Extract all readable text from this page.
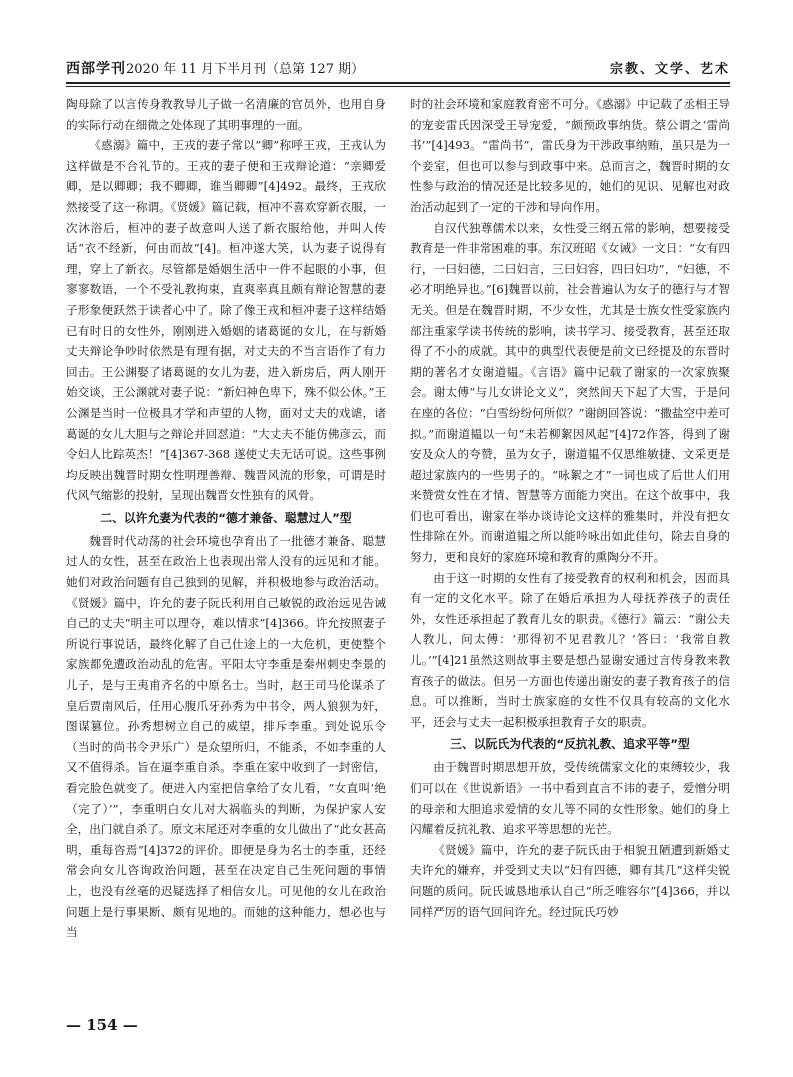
西部学刊2020 年 11 月下半月刊（总第 127 期）	宗教、文学、艺术

陶母除了以言传身教教导儿子做一名清廉的官员外，也用自身的实际行动在细微之处体现了其明事理的一面。

《惑溺》篇中，王戎的妻子常以“卿”称呼王戎，王戎认为这样做是不合礼节的。王戎的妻子便和王戎辩论道：“亲卿爱卿，是以卿卿；我不卿卿，谁当卿卿”[4]492。最终，王戎欣然接受了这一称谓。《贤媛》篇记载，桓冲不喜欢穿新衣服，一次沐浴后，桓冲的妻子故意叫人送了新衣服给他，并叫人传话“衣不经新，何由而故”[4]。桓冲遂大笑，认为妻子说得有理，穿上了新衣。尽管都是婚姻生活中一件不起眼的小事，但寥寥数语，一个不受礼教拘束，直爽率真且颇有辩论智慧的妻子形象便跃然于读者心中了。除了像王戎和桓冲妻子这样结婚已有时日的女性外，刚刚进入婚姻的诸葛诞的女儿，在与新婚丈夫辩论争吵时依然是有理有据，对丈夫的不当言语作了有力回击。王公渊娶了诸葛诞的女儿为妻，进入新房后，两人刚开始交谈，王公渊就对妻子说：“新妇神色卑下，殊不似公休。”王公渊是当时一位极具才学和声望的人物，面对丈夫的戏谑，诸葛诞的女儿大胆与之辩论并回怼道：“大丈夫不能仿佛彦云，而令妇人比踪英杰！”[4]367-368 遂使丈夫无话可说。这些事例均反映出魏晋时期女性明理善辩、魏晋风流的形象，可谓是时代风气缩影的投射，呈现出魏晋女性独有的风骨。

二、以许允妻为代表的“德才兼备、聪慧过人”型

魏晋时代动荡的社会环境也孕育出了一批德才兼备、聪慧过人的女性，甚至在政治上也表现出常人没有的远见和才能。她们对政治问题有自己独到的见解，并积极地参与政治活动。《贤媛》篇中，许允的妻子阮氏利用自己敏锐的政治远见告诫自己的丈夫“明主可以理夺，难以情求”[4]366。许允按照妻子所说行事说话，最终化解了自己仕途上的一大危机，更使整个家族都免遭政治动乱的危害。平阳太守李重是秦州刺史李景的儿子，是与王夷甫齐名的中原名士。当时，赵王司马伦谋杀了皇后贾南风后，任用心腹爪牙孙秀为中书令，两人狼狈为奸，图谋篡位。孙秀想树立自己的威望，排斥李重。到处说乐令（当时的尚书令尹乐广）是众望所归，不能杀，不如李重的人又不值得杀。旨在逼李重自杀。李重在家中收到了一封密信，看完脸色就变了。便进入内室把信拿给了女儿看，“女直叫‘绝（完了）’”，李重明白女儿对大祸临头的判断，为保护家人安全，出门就自杀了。原文末尾还对李重的女儿做出了“此女甚高明，重每咨焉”[4]372的评价。即便是身为名士的李重，还经常会向女儿咨询政治问题，甚至在决定自己生死问题的事情上，也没有丝毫的迟疑选择了相信女儿。可见他的女儿在政治问题上是行事果断、颇有见地的。而她的这种能力，想必也与当

时的社会环境和家庭教育密不可分。《惑溺》中记载了丞相王导的宠妾雷氏因深受王导宠爱，“颇预政事纳货。蔡公谓之‘雷尚书’”[4]493。“雷尚书”，雷氏身为干涉政事纳贿，虽只是为一个妾室，但也可以参与到政事中来。总而言之，魏晋时期的女性参与政治的情况还是比较多见的，她们的见识、见解也对政治活动起到了一定的干涉和导向作用。

自汉代独尊儒术以来，女性受三纲五常的影响，想要接受教育是一件非常困难的事。东汉班昭《女诫》一文日：“女有四行，一曰妇德，二曰妇言，三曰妇容，四曰妇功”，“妇德，不必才明绝异也。”[6]魏晋以前，社会普遍认为女子的德行与才智无关。但是在魏晋时期，不少女性，尤其是士族女性受家族内部注重家学读书传统的影响，读书学习、接受教育，甚至还取得了不小的成就。其中的典型代表便是前文已经提及的东晋时期的著名才女谢道韫。《言语》篇中记载了谢家的一次家族聚会。谢太傅“与儿女讲论文义”，突然间天下起了大雪，于是问在座的各位：“白雪纷纷何所似？”谢朗回答说：“撒盐空中差可拟。”而谢道韫以一句“未若柳絮因风起”[4]72作答，得到了谢安及众人的夸赞，虽为女子，谢道韫不仅思维敏捷、文采更是超过家族内的一些男子的。“咏絮之才”一词也成了后世人们用来赞赏女性在才情、智慧等方面能力突出。在这个故事中，我们也可看出，谢家在举办谈诗论文这样的雅集时，并没有把女性排除在外。而谢道韫之所以能吟咏出如此佳句，除去自身的努力，更和良好的家庭环境和教育的熏陶分不开。

由于这一时期的女性有了接受教育的权利和机会，因而具有一定的文化水平。除了在婚后承担为人母抚养孩子的责任外，女性还承担起了教育儿女的职责。《德行》篇云：“谢公夫人教儿，问太傅：‘那得初不见君教儿？’答曰：‘我常自教儿。’”[4]21虽然这则故事主要是想凸显谢安通过言传身教来教育孩子的做法。但另一方面也传递出谢安的妻子教育孩子的信息。可以推断，当时士族家庭的女性不仅具有较高的文化水平，还会与丈夫一起积极承担教育子女的职责。

三、以阮氏为代表的“反抗礼教、追求平等”型

由于魏晋时期思想开放，受传统儒家文化的束缚较少，我们可以在《世说新语》一书中看到直言不讳的妻子，爱憎分明的母亲和大胆追求爱情的女儿等不同的女性形象。她们的身上闪耀着反抗礼教、追求平等思想的光芒。

《贤媛》篇中，许允的妻子阮氏由于相貌丑陋遭到新婚丈夫许允的嫌弃，并受到丈夫以“妇有四德，卿有其几”这样尖锐问题的质问。阮氏诚恳地承认自己“所乏唯容尔”[4]366，并以同样严厉的语气回问许允。经过阮氏巧妙

— 154 —
